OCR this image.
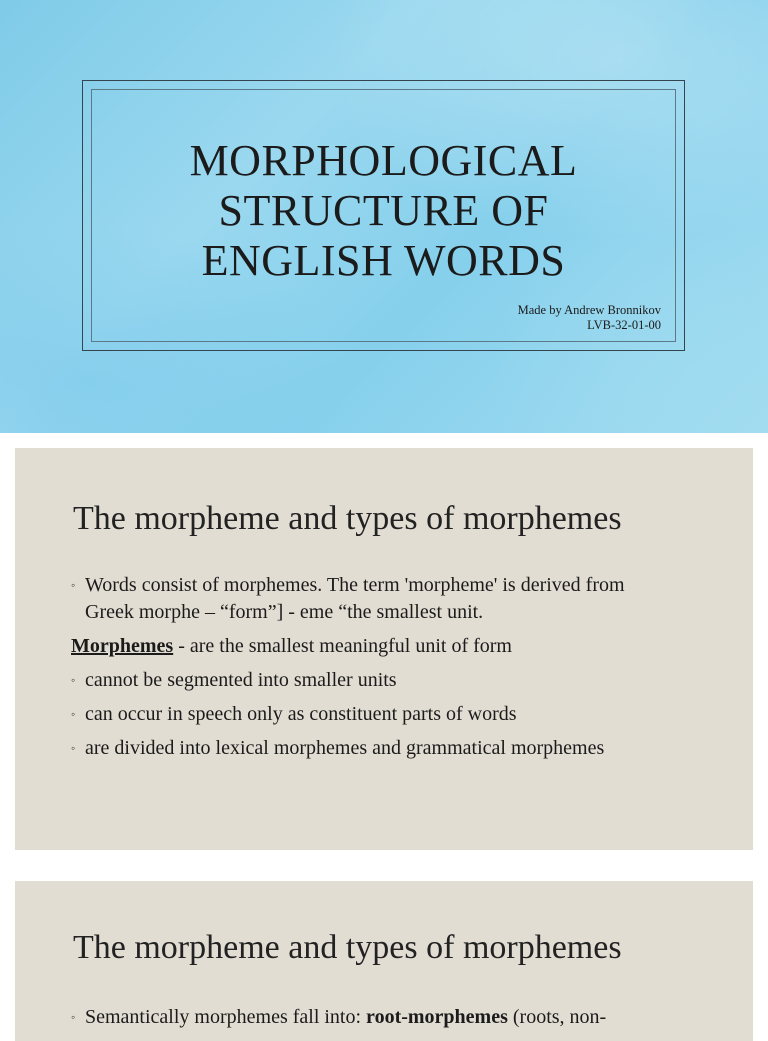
MORPHOLOGICAL
STRUCTURE OF
ENGLISH WORDS
Made by Andrew Bronnikov
LVB-32-01-00
The morpheme and types of morphemes
◦ Words consist of morphemes. The term 'morpheme' is derived from
Greek morphe – “form”] - eme “the smallest unit.
Morphemes - are the smallest meaningful unit of form
◦ cannot be segmented into smaller units
◦ can occur in speech only as constituent parts of words
◦ are divided into lexical morphemes and grammatical morphemes
The morpheme and types of morphemes
◦ Semantically morphemes fall into: root-morphemes (roots, non-
